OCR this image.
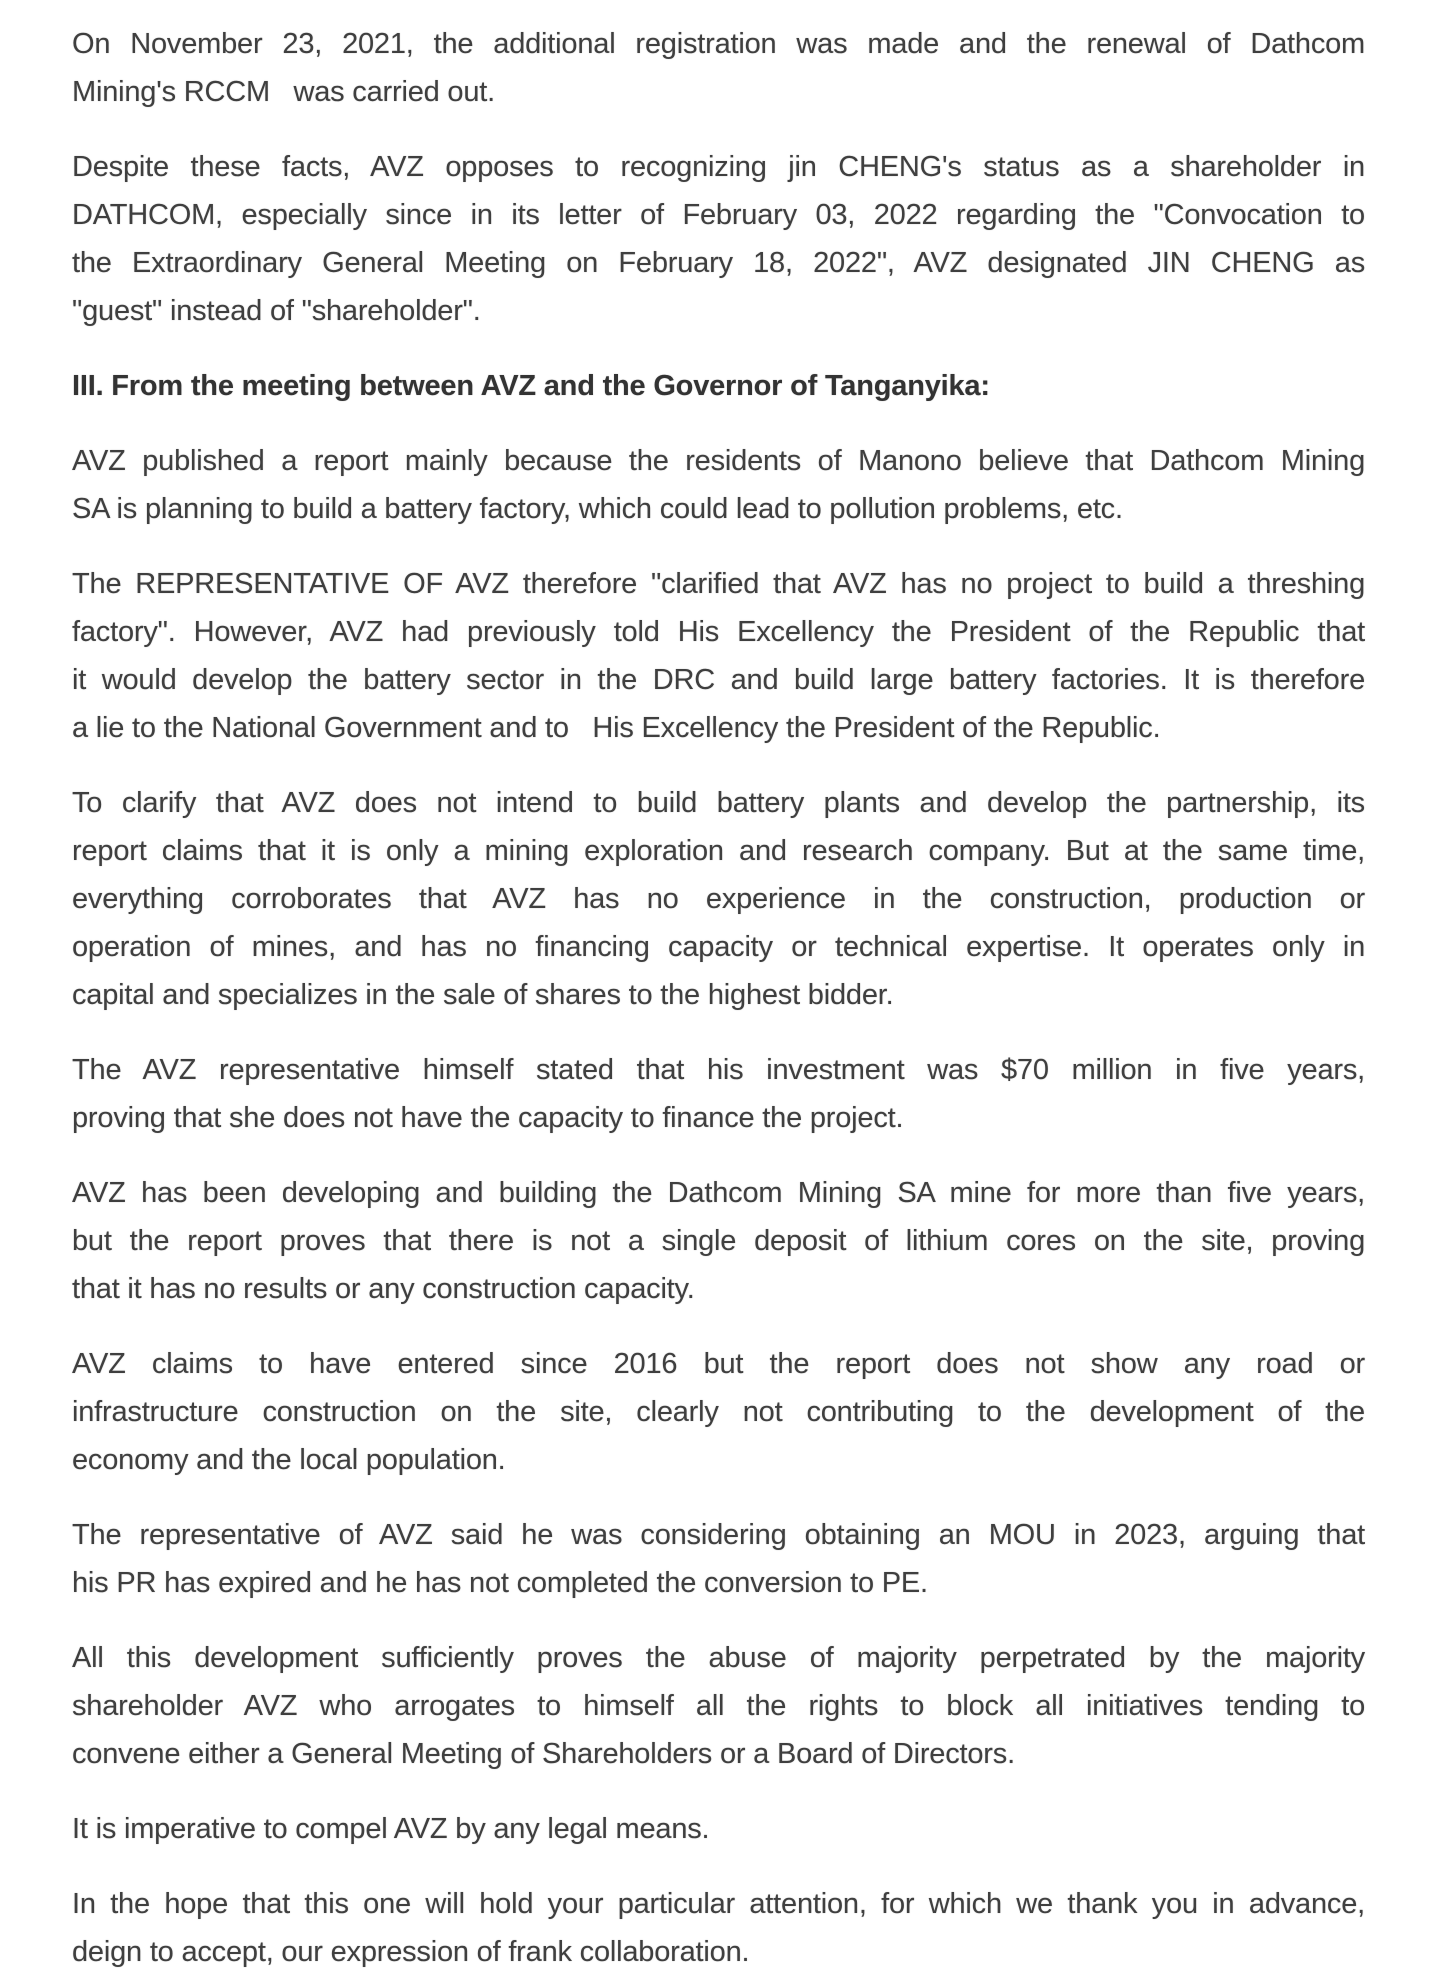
On November 23, 2021, the additional registration was made and the renewal of Dathcom
Mining's RCCM   was carried out.
Despite these facts, AVZ opposes to recognizing jin CHENG's status as a shareholder in
DATHCOM, especially since in its letter of February 03, 2022 regarding the "Convocation to
the Extraordinary General Meeting on February 18, 2022", AVZ designated JIN CHENG as
"guest" instead of "shareholder".
III. From the meeting between AVZ and the Governor of Tanganyika:
AVZ published a report mainly because the residents of Manono believe that Dathcom Mining
SA is planning to build a battery factory, which could lead to pollution problems, etc.
The REPRESENTATIVE OF AVZ therefore "clarified that AVZ has no project to build a threshing
factory". However, AVZ had previously told His Excellency the President of the Republic that
it would develop the battery sector in the DRC and build large battery factories. It is therefore
a lie to the National Government and to   His Excellency the President of the Republic.
To clarify that AVZ does not intend to build battery plants and develop the partnership, its
report claims that it is only a mining exploration and research company. But at the same time,
everything corroborates that AVZ has no experience in the construction, production or
operation of mines, and has no financing capacity or technical expertise. It operates only in
capital and specializes in the sale of shares to the highest bidder.
The AVZ representative himself stated that his investment was $70 million in five years,
proving that she does not have the capacity to finance the project.
AVZ has been developing and building the Dathcom Mining SA mine for more than five years,
but the report proves that there is not a single deposit of lithium cores on the site, proving
that it has no results or any construction capacity.
AVZ claims to have entered since 2016 but the report does not show any road or
infrastructure construction on the site, clearly not contributing to the development of the
economy and the local population.
The representative of AVZ said he was considering obtaining an MOU in 2023, arguing that
his PR has expired and he has not completed the conversion to PE.
All this development sufficiently proves the abuse of majority perpetrated by the majority
shareholder AVZ who arrogates to himself all the rights to block all initiatives tending to
convene either a General Meeting of Shareholders or a Board of Directors.
It is imperative to compel AVZ by any legal means.
In the hope that this one will hold your particular attention, for which we thank you in advance,
deign to accept, our expression of frank collaboration.
